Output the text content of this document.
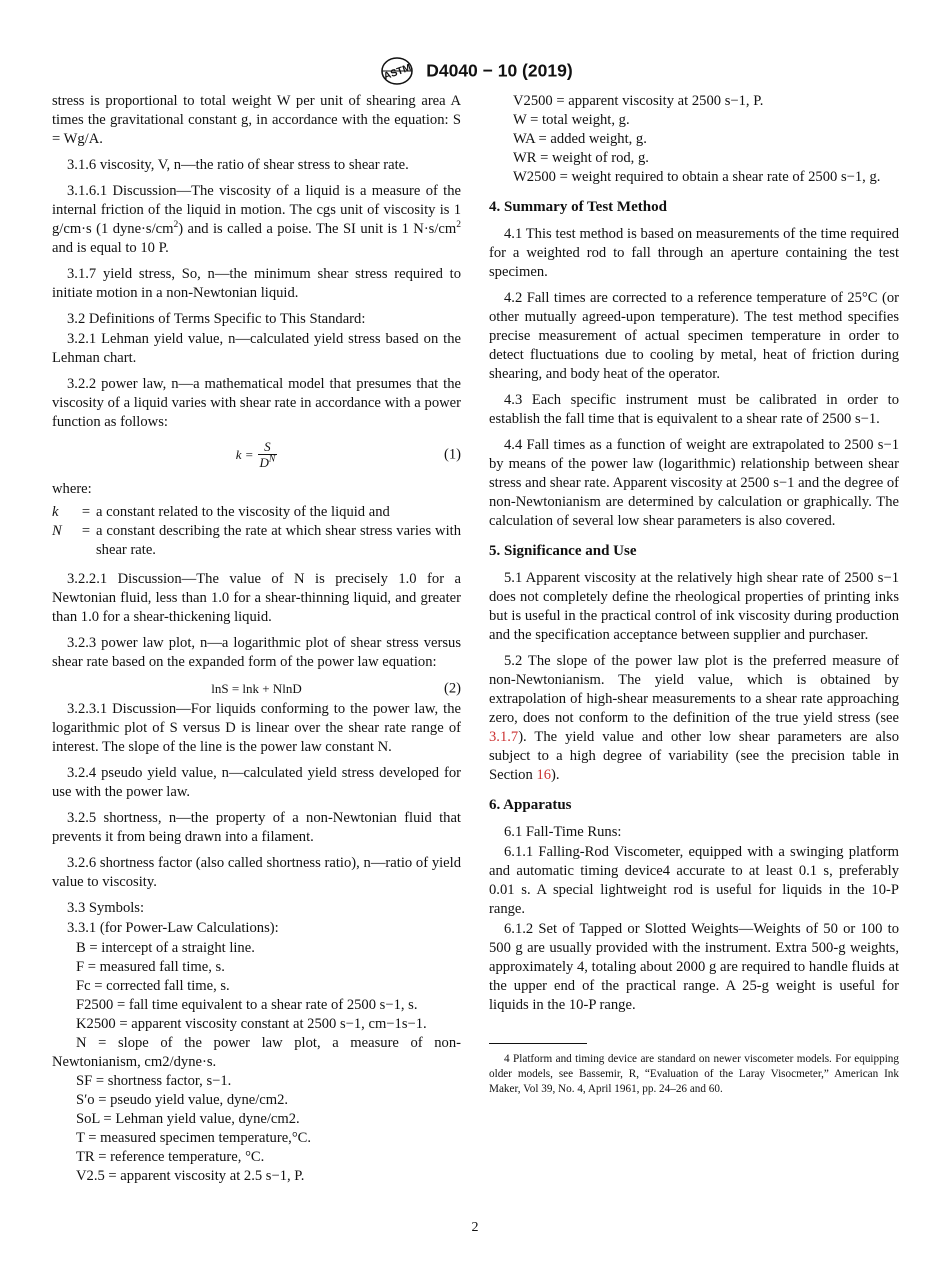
ASTM D4040 − 10 (2019)

stress is proportional to total weight W per unit of shearing area A times the gravitational constant g, in accordance with the equation: S = Wg/A.

3.1.6 viscosity, V, n—the ratio of shear stress to shear rate.

3.1.6.1 Discussion—The viscosity of a liquid is a measure of the internal friction of the liquid in motion. The cgs unit of viscosity is 1 g/cm·s (1 $dyne\cdot s/cm^2$) and is called a poise. The SI unit is 1 $N\cdot s/cm^2$ and is equal to 10 P.

3.1.7 yield stress, So, n—the minimum shear stress required to initiate motion in a non-Newtonian liquid.

3.2 Definitions of Terms Specific to This Standard:

3.2.1 Lehman yield value, n—calculated yield stress based on the Lehman chart.

3.2.2 power law, n—a mathematical model that presumes that the viscosity of a liquid varies with shear rate in accordance with a power function as follows:

$k = \frac{S}{D^N}$	(1)

where:

k	= a constant related to the viscosity of the liquid and
N	= a constant describing the rate at which shear stress varies with shear rate.

3.2.2.1 Discussion—The value of N is precisely 1.0 for a Newtonian fluid, less than 1.0 for a shear-thinning liquid, and greater than 1.0 for a shear-thickening liquid.

3.2.3 power law plot, n—a logarithmic plot of shear stress versus shear rate based on the expanded form of the power law equation:

lnS = lnk + NlnD	(2)

3.2.3.1 Discussion—For liquids conforming to the power law, the logarithmic plot of S versus D is linear over the shear rate range of interest. The slope of the line is the power law constant N.

3.2.4 pseudo yield value, n—calculated yield stress developed for use with the power law.

3.2.5 shortness, n—the property of a non-Newtonian fluid that prevents it from being drawn into a filament.

3.2.6 shortness factor (also called shortness ratio), n—ratio of yield value to viscosity.

3.3 Symbols:

3.3.1 (for Power-Law Calculations):

B = intercept of a straight line.

F = measured fall time, s.

Fc = corrected fall time, s.

F2500 = fall time equivalent to a shear rate of 2500 s−1, s.

K2500 = apparent viscosity constant at 2500 s−1, cm−1s−1.

N = slope of the power law plot, a measure of non-Newtonianism, cm2/dyne·s.

SF = shortness factor, s−1.

S′o = pseudo yield value, dyne/cm2.

SoL = Lehman yield value, dyne/cm2.

T = measured specimen temperature,°C.

TR = reference temperature, °C.

V2.5 = apparent viscosity at 2.5 s−1, P.

V2500 = apparent viscosity at 2500 s−1, P.

W = total weight, g.

WA = added weight, g.

WR = weight of rod, g.

W2500 = weight required to obtain a shear rate of 2500 s−1, g.

4. Summary of Test Method

4.1 This test method is based on measurements of the time required for a weighted rod to fall through an aperture containing the test specimen.

4.2 Fall times are corrected to a reference temperature of 25°C (or other mutually agreed-upon temperature). The test method specifies precise measurement of actual specimen temperature in order to detect fluctuations due to cooling by metal, heat of friction during shearing, and body heat of the operator.

4.3 Each specific instrument must be calibrated in order to establish the fall time that is equivalent to a shear rate of 2500 s−1.

4.4 Fall times as a function of weight are extrapolated to 2500 s−1 by means of the power law (logarithmic) relationship between shear stress and shear rate. Apparent viscosity at 2500 s−1 and the degree of non-Newtonianism are determined by calculation or graphically. The calculation of several low shear parameters is also covered.

5. Significance and Use

5.1 Apparent viscosity at the relatively high shear rate of 2500 s−1 does not completely define the rheological properties of printing inks but is useful in the practical control of ink viscosity during production and the specification acceptance between supplier and purchaser.

5.2 The slope of the power law plot is the preferred measure of non-Newtonianism. The yield value, which is obtained by extrapolation of high-shear measurements to a shear rate approaching zero, does not conform to the definition of the true yield stress (see 3.1.7). The yield value and other low shear parameters are also subject to a high degree of variability (see the precision table in Section 16).

6. Apparatus

6.1 Fall-Time Runs:

6.1.1 Falling-Rod Viscometer, equipped with a swinging platform and automatic timing device4 accurate to at least 0.1 s, preferably 0.01 s. A special lightweight rod is useful for liquids in the 10-P range.

6.1.2 Set of Tapped or Slotted Weights—Weights of 50 or 100 to 500 g are usually provided with the instrument. Extra 500-g weights, approximately 4, totaling about 2000 g are required to handle fluids at the upper end of the practical range. A 25-g weight is useful for liquids in the 10-P range.

4 Platform and timing device are standard on newer viscometer models. For equipping older models, see Bassemir, R, “Evaluation of the Laray Visocmeter,” American Ink Maker, Vol 39, No. 4, April 1961, pp. 24–26 and 60.

2
